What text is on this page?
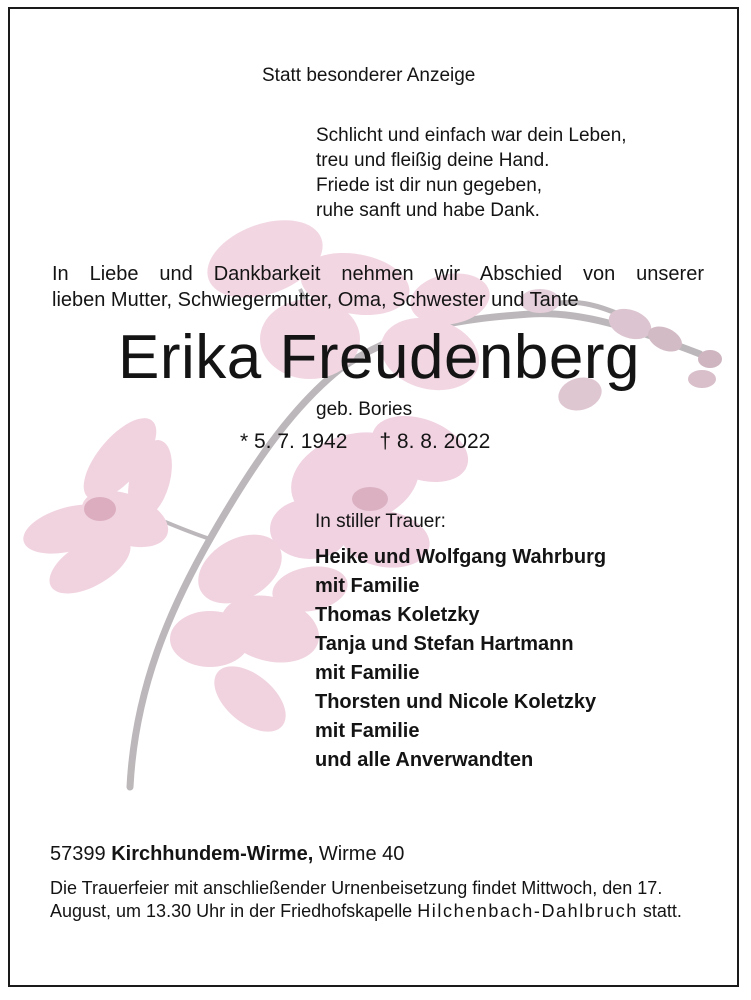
Statt besonderer Anzeige
Schlicht und einfach war dein Leben,
treu und fleißig deine Hand.
Friede ist dir nun gegeben,
ruhe sanft und habe Dank.
In Liebe und Dankbarkeit nehmen wir Abschied von unserer
lieben Mutter, Schwiegermutter, Oma, Schwester und Tante
Erika Freudenberg
geb. Bories
* 5. 7. 1942 † 8. 8. 2022
In stiller Trauer:
Heike und Wolfgang Wahrburg
mit Familie
Thomas Koletzky
Tanja und Stefan Hartmann
mit Familie
Thorsten und Nicole Koletzky
mit Familie
und alle Anverwandten
57399 Kirchhundem-Wirme, Wirme 40
Die Trauerfeier mit anschließender Urnenbeisetzung findet Mittwoch, den 17. August, um 13.30 Uhr in der Friedhofskapelle Hilchenbach-Dahlbruch statt.
